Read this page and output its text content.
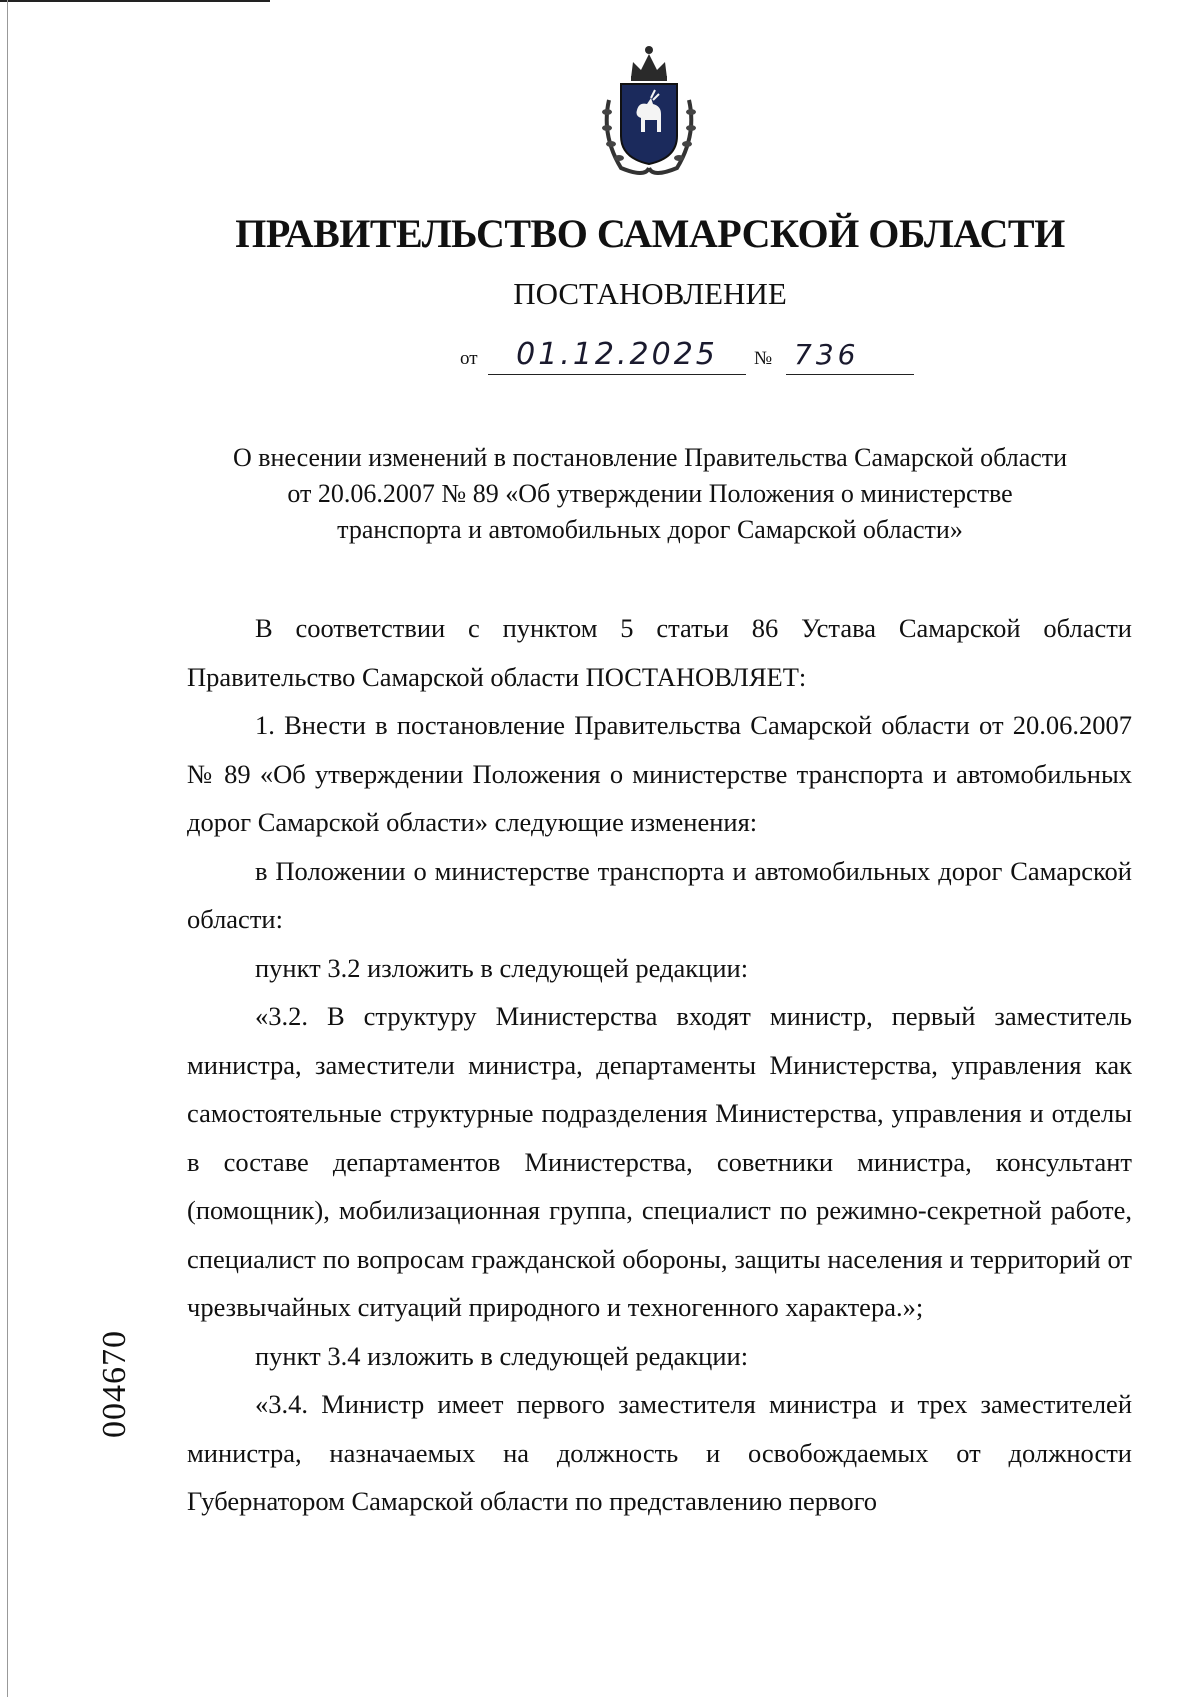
ПРАВИТЕЛЬСТВО САМАРСКОЙ ОБЛАСТИ
ПОСТАНОВЛЕНИЕ
от	01.12.2025	№ 736
О внесении изменений в постановление Правительства Самарской области
от 20.06.2007 № 89 «Об утверждении Положения о министерстве
транспорта и автомобильных дорог Самарской области»

В соответствии с пунктом 5 статьи 86 Устава Самарской области Правительство Самарской области ПОСТАНОВЛЯЕТ:

1. Внести в постановление Правительства Самарской области от 20.06.2007 № 89 «Об утверждении Положения о министерстве транспорта и автомобильных дорог Самарской области» следующие изменения:

в Положении о министерстве транспорта и автомобильных дорог Самарской области:

пункт 3.2 изложить в следующей редакции:

«3.2. В структуру Министерства входят министр, первый заместитель министра, заместители министра, департаменты Министерства, управления как самостоятельные структурные подразделения Министерства, управления и отделы в составе департаментов Министерства, советники министра, консультант (помощник), мобилизационная группа, специалист по режимно-секретной работе, специалист по вопросам гражданской обороны, защиты населения и территорий от чрезвычайных ситуаций природного и техногенного характера.»;

пункт 3.4 изложить в следующей редакции:

«3.4. Министр имеет первого заместителя министра и трех заместителей министра, назначаемых на должность и освобождаемых от должности Губернатором Самарской области по представлению первого

004670
